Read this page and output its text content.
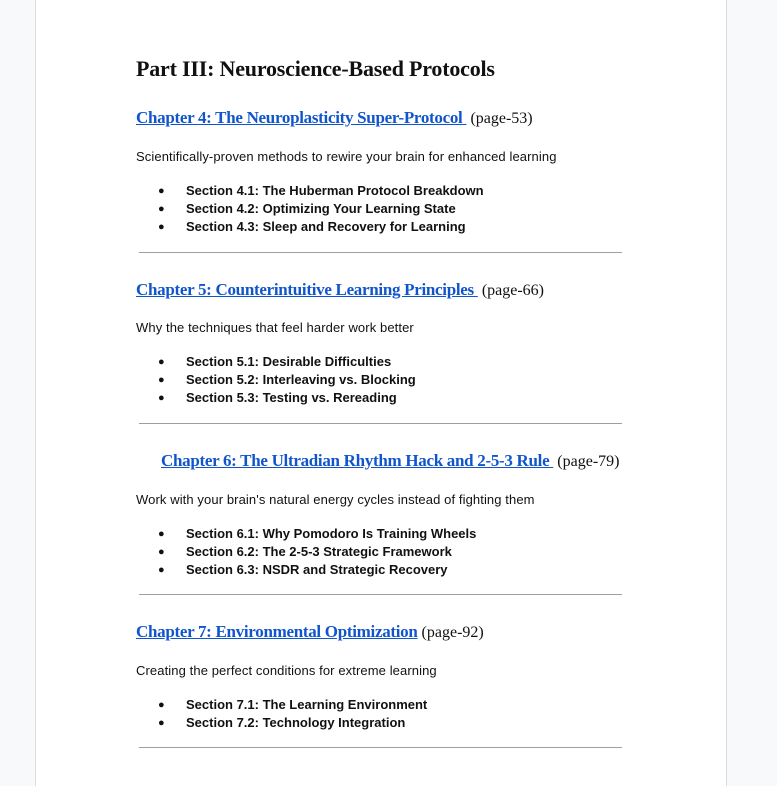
Part III: Neuroscience-Based Protocols
Chapter 4: The Neuroplasticity Super-Protocol (page-53)
Scientifically-proven methods to rewire your brain for enhanced learning
● Section 4.1: The Huberman Protocol Breakdown
● Section 4.2: Optimizing Your Learning State
● Section 4.3: Sleep and Recovery for Learning
Chapter 5: Counterintuitive Learning Principles (page-66)
Why the techniques that feel harder work better
● Section 5.1: Desirable Difficulties
● Section 5.2: Interleaving vs. Blocking
● Section 5.3: Testing vs. Rereading
Chapter 6: The Ultradian Rhythm Hack and 2-5-3 Rule (page-79)
Work with your brain's natural energy cycles instead of fighting them
● Section 6.1: Why Pomodoro Is Training Wheels
● Section 6.2: The 2-5-3 Strategic Framework
● Section 6.3: NSDR and Strategic Recovery
Chapter 7: Environmental Optimization (page-92)
Creating the perfect conditions for extreme learning
● Section 7.1: The Learning Environment
● Section 7.2: Technology Integration
